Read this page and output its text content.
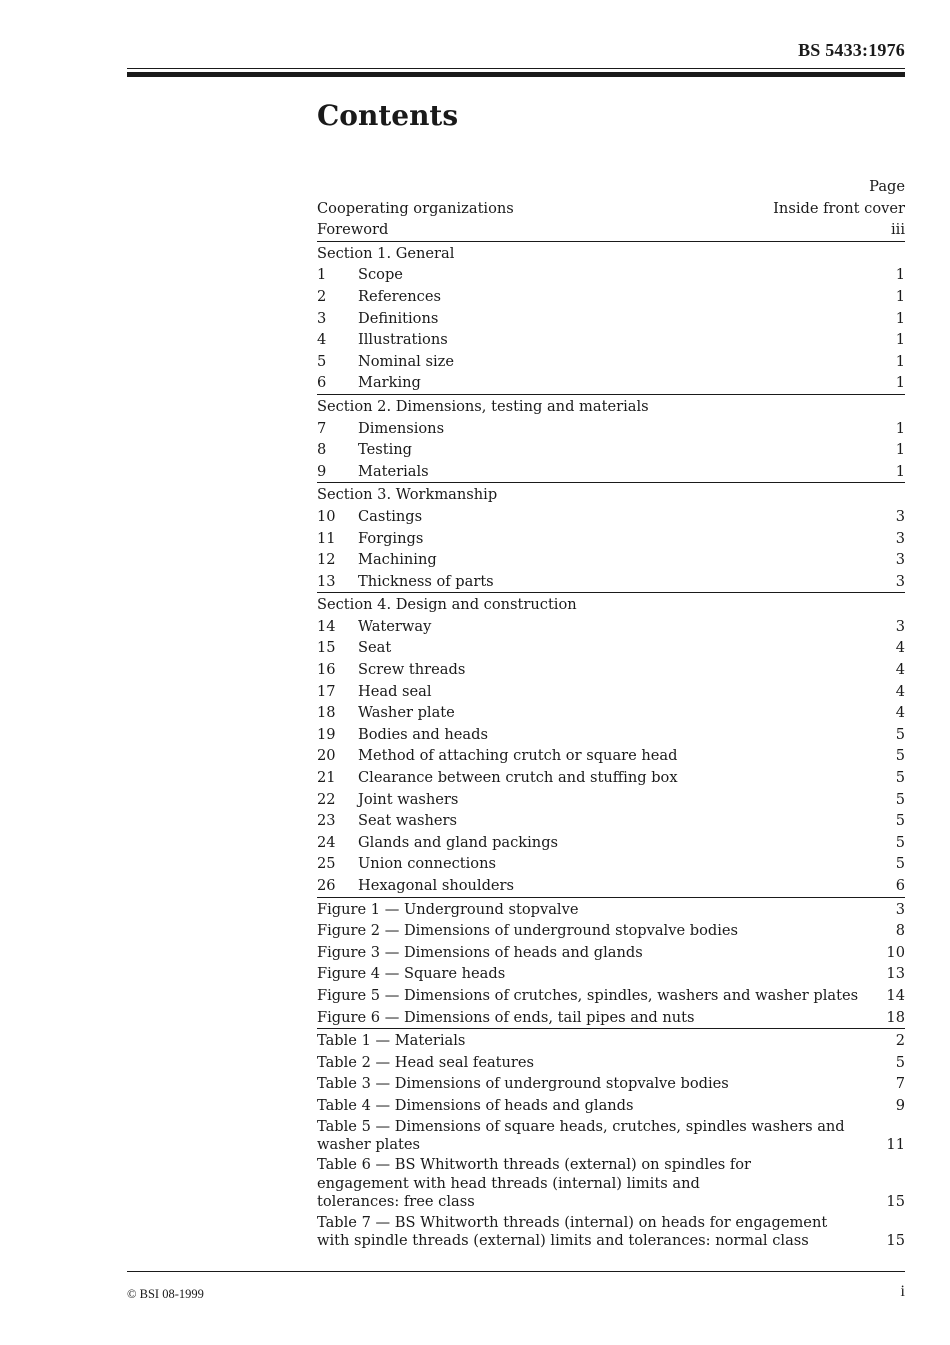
BS 5433:1976
Contents
Page
Cooperating organizations	Inside front cover
Foreword	iii
Section 1. General
1	Scope	1
2	References	1
3	Definitions	1
4	Illustrations	1
5	Nominal size	1
6	Marking	1
Section 2. Dimensions, testing and materials
7	Dimensions	1
8	Testing	1
9	Materials	1
Section 3. Workmanship
10	Castings	3
11	Forgings	3
12	Machining	3
13	Thickness of parts	3
Section 4. Design and construction
14	Waterway	3
15	Seat	4
16	Screw threads	4
17	Head seal	4
18	Washer plate	4
19	Bodies and heads	5
20	Method of attaching crutch or square head	5
21	Clearance between crutch and stuffing box	5
22	Joint washers	5
23	Seat washers	5
24	Glands and gland packings	5
25	Union connections	5
26	Hexagonal shoulders	6
Figure 1 — Underground stopvalve	3
Figure 2 — Dimensions of underground stopvalve bodies	8
Figure 3 — Dimensions of heads and glands	10
Figure 4 — Square heads	13
Figure 5 — Dimensions of crutches, spindles, washers and washer plates 14
Figure 6 — Dimensions of ends, tail pipes and nuts	18
Table 1 — Materials	2
Table 2 — Head seal features	5
Table 3 — Dimensions of underground stopvalve bodies	7
Table 4 — Dimensions of heads and glands	9
Table 5 — Dimensions of square heads, crutches, spindles washers and washer plates	11
Table 6 — BS Whitworth threads (external) on spindles for engagement with head threads (internal) limits and tolerances: free class	15
Table 7 — BS Whitworth threads (internal) on heads for engagement with spindle threads (external) limits and tolerances: normal class	15
© BSI 08-1999	i
